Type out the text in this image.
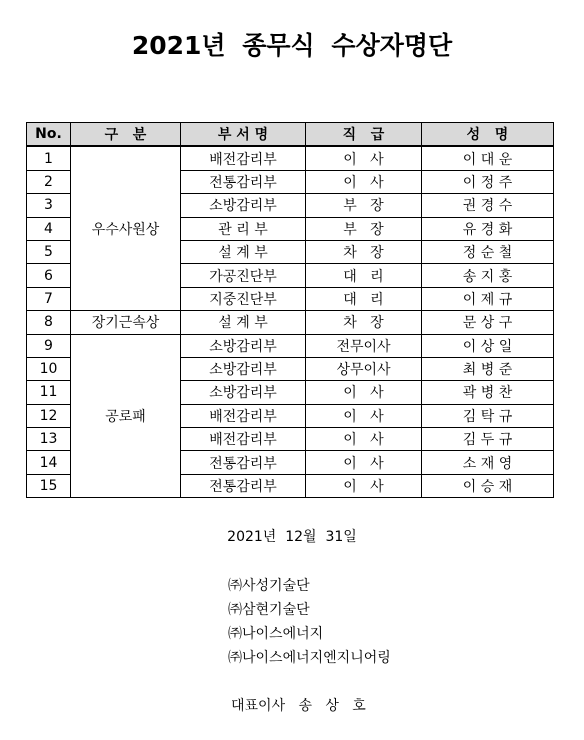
2021년 종무식 수상자명단
No.	구   분	부 서 명	직   급	성   명
1	우수사원상	배전감리부	이   사	이 대 운
2		전통감리부	이   사	이 정 주
3		소방감리부	부   장	권 경 수
4		관 리 부	부   장	유 경 화
5		설 계 부	차   장	정 순 철
6		가공진단부	대   리	송 지 홍
7		지중진단부	대   리	이 제 규
8	장기근속상	설 계 부	차   장	문 상 구
9	공로패	소방감리부	전무이사	이 상 일
10		소방감리부	상무이사	최 병 준
11		소방감리부	이   사	곽 병 찬
12		배전감리부	이   사	김 탁 규
13		배전감리부	이   사	김 두 규
14		전통감리부	이   사	소 재 영
15		전통감리부	이   사	이 승 재
2021년  12월  31일
㈜사성기술단
㈜삼현기술단
㈜나이스에너지
㈜나이스에너지엔지니어링
대표이사   송   상   호
